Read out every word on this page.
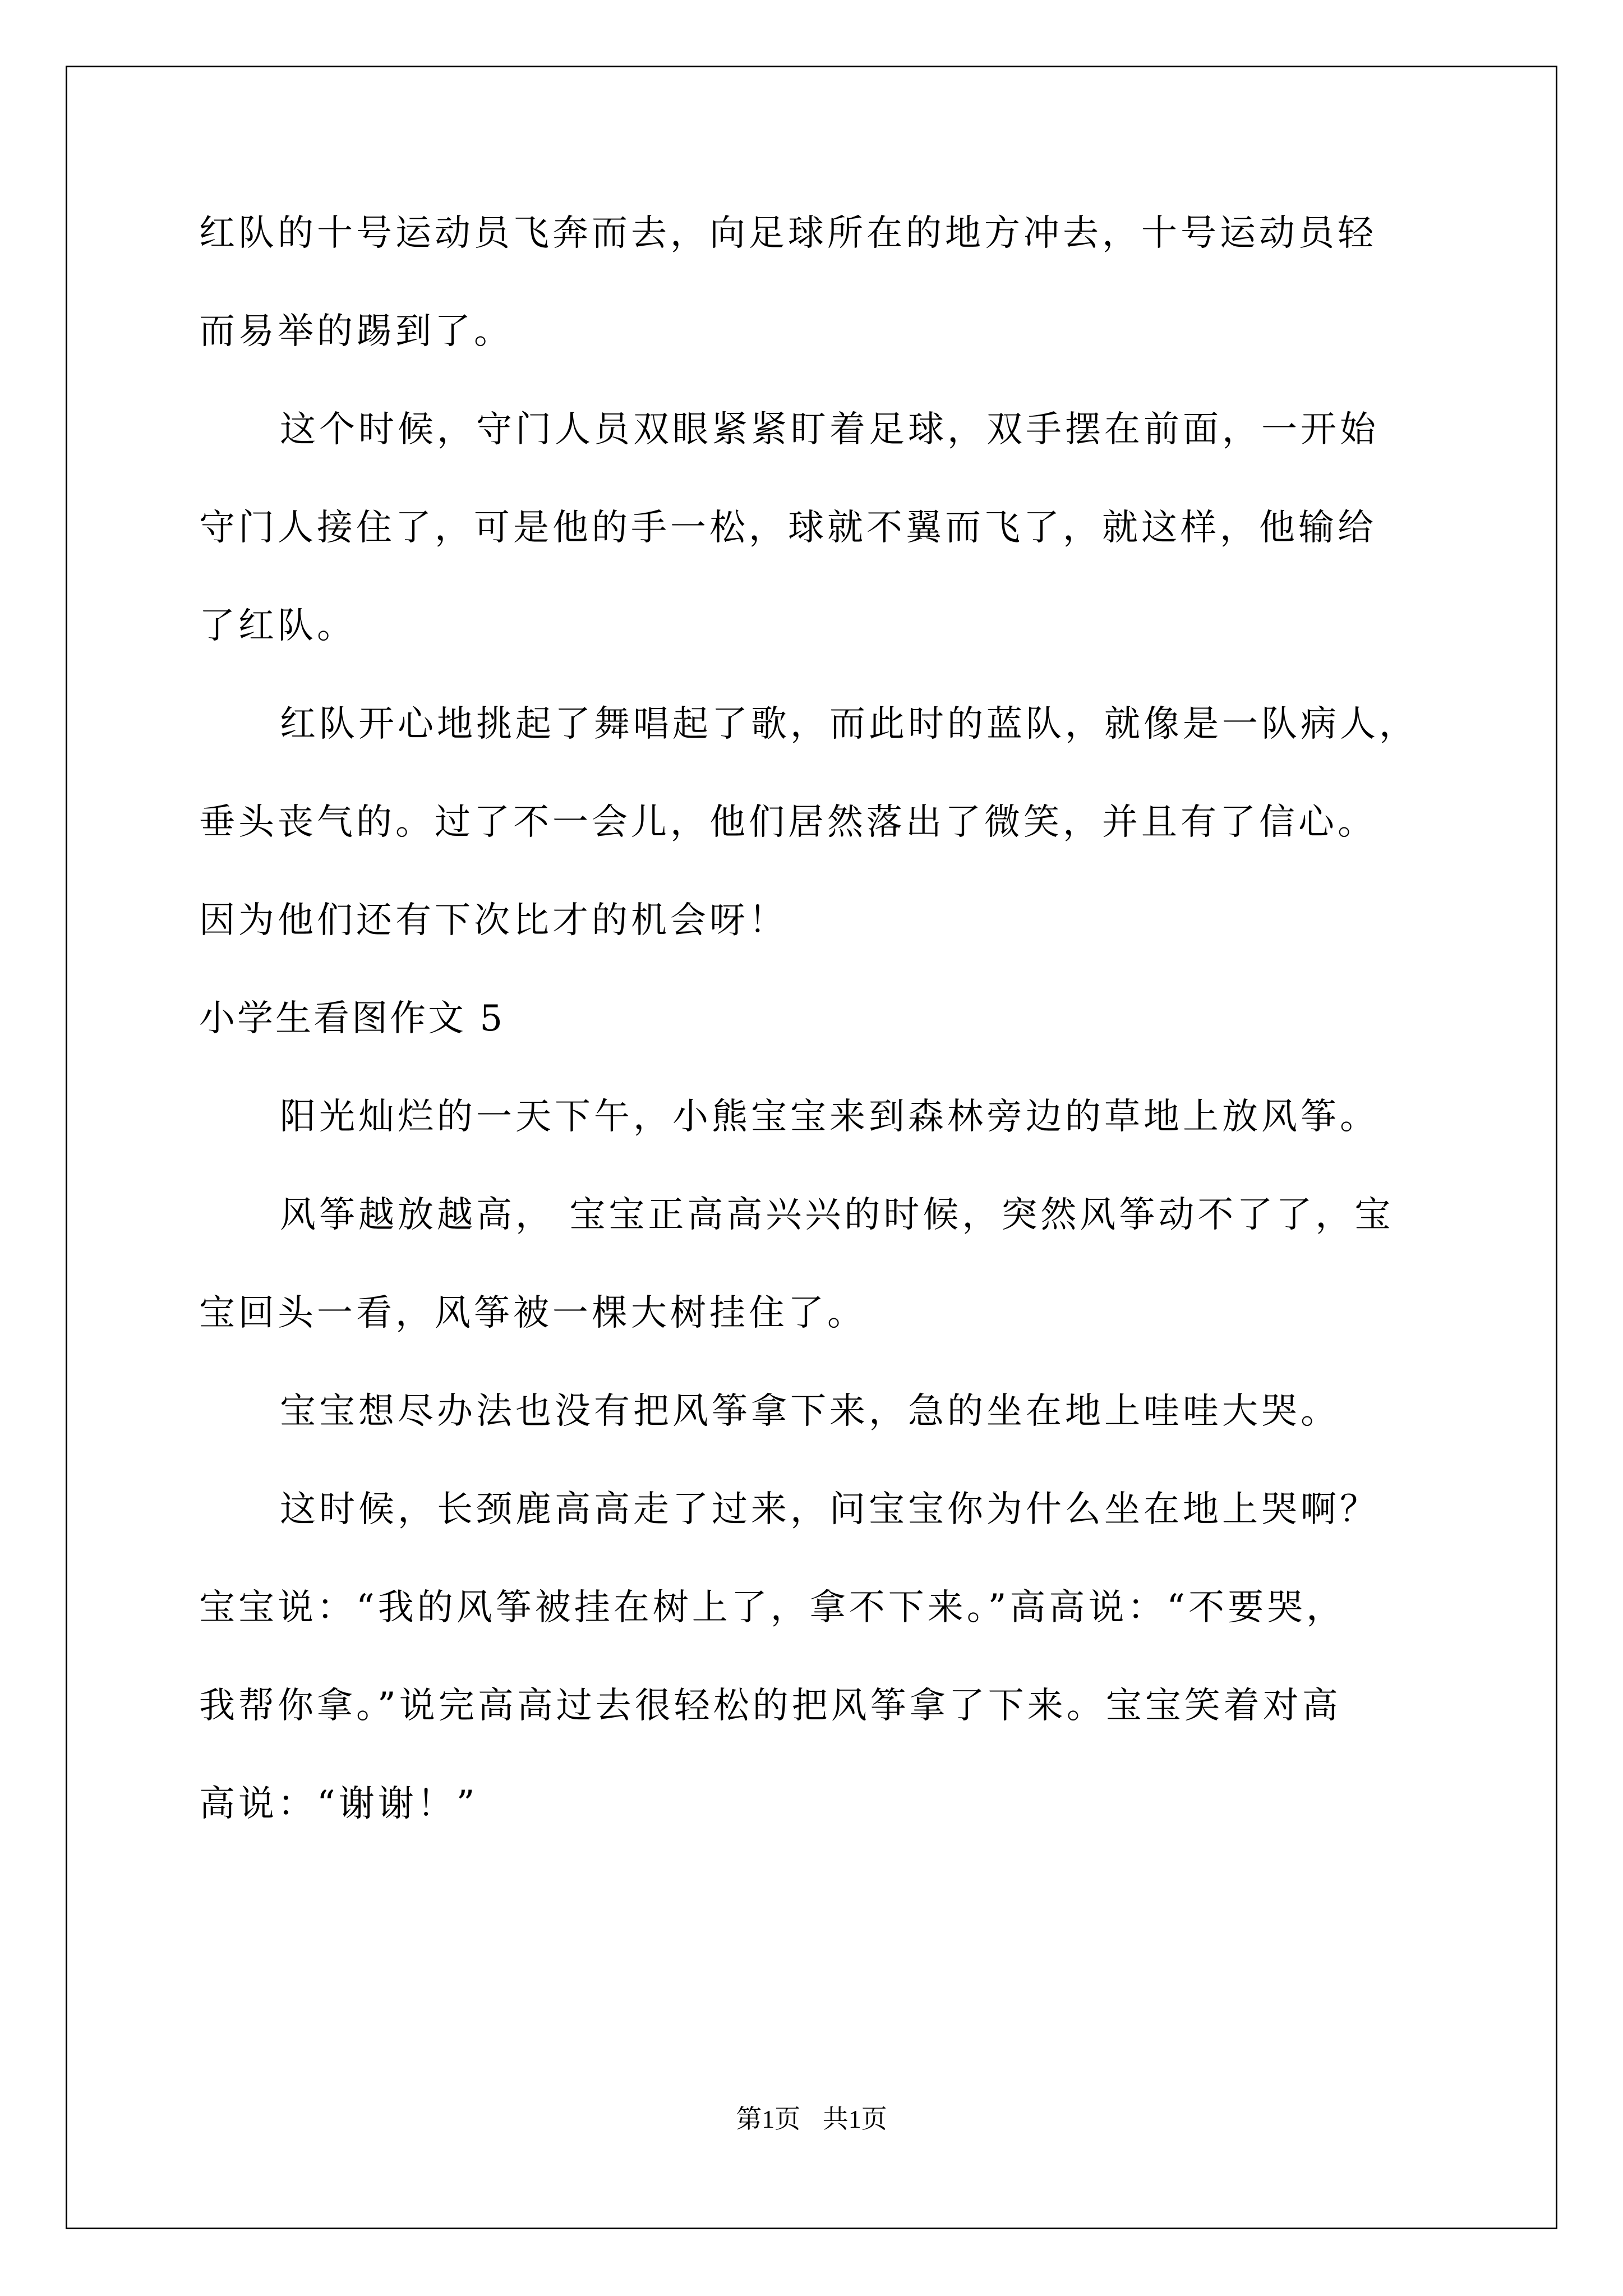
红队的十号运动员飞奔而去，向足球所在的地方冲去，十号运动员轻
而易举的踢到了。
这个时候，守门人员双眼紧紧盯着足球，双手摆在前面，一开始
守门人接住了，可是他的手一松，球就不翼而飞了，就这样，他输给
了红队。
红队开心地挑起了舞唱起了歌，而此时的蓝队，就像是一队病人，
垂头丧气的。过了不一会儿，他们居然落出了微笑，并且有了信心。
因为他们还有下次比才的机会呀！
小学生看图作文 5
阳光灿烂的一天下午，小熊宝宝来到森林旁边的草地上放风筝。
风筝越放越高， 宝宝正高高兴兴的时候，突然风筝动不了了，宝
宝回头一看，风筝被一棵大树挂住了。
宝宝想尽办法也没有把风筝拿下来，急的坐在地上哇哇大哭。
这时候，长颈鹿高高走了过来，问宝宝你为什么坐在地上哭啊？
宝宝说：“我的风筝被挂在树上了，拿不下来。”高高说：“不要哭，
我帮你拿。”说完高高过去很轻松的把风筝拿了下来。宝宝笑着对高
高说：“谢谢！”
第1页 共1页
